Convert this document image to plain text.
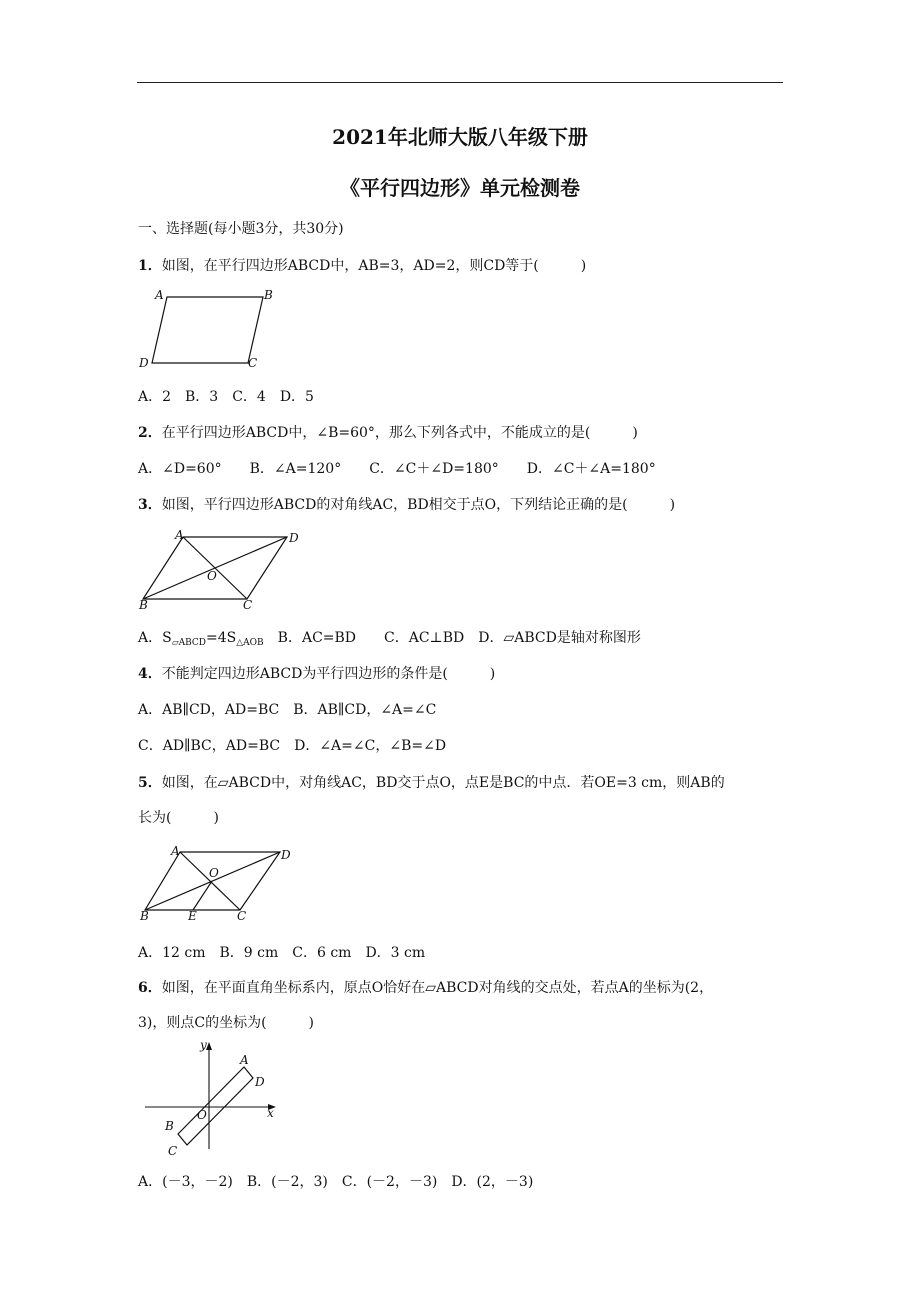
2021年北师大版八年级下册
《平行四边形》单元检测卷
一、选择题(每小题3分，共30分)
1．如图，在平行四边形ABCD中，AB=3，AD=2，则CD等于(　　　)
A	B
C
D
A．2　B．3　C．4　D．5
2．在平行四边形ABCD中，∠B=60°，那么下列各式中，不能成立的是(　　　)
A．∠D=60°　　B．∠A=120°　　C．∠C＋∠D=180°　　D．∠C＋∠A=180°
3．如图，平行四边形ABCD的对角线AC，BD相交于点O，下列结论正确的是(　　　)
A
B	C
D
O
A．$S_{▱ABCD}=4S_{\triangle AOB}$　B．AC=BD　　C．AC⊥BD　D．▱ABCD是轴对称图形
4．不能判定四边形ABCD为平行四边形的条件是(　　　)
A．AB∥CD，AD=BC　B．AB∥CD，∠A=∠C
C．AD∥BC，AD=BC　D．∠A=∠C，∠B=∠D
5．如图，在▱ABCD中，对角线AC，BD交于点O，点E是BC的中点．若OE=3 cm，则AB的
长为(　　　)
A
B	C
D
O
E
A．12 cm　B．9 cm　C．6 cm　D．3 cm
6．如图，在平面直角坐标系内，原点O恰好在▱ABCD对角线的交点处，若点A的坐标为(2，
3)，则点C的坐标为(　　　)
A
B
C
D
O	x
y
A．(－3，－2)　B．(－2，3)　C．(－2，－3)　D．(2，－3)
